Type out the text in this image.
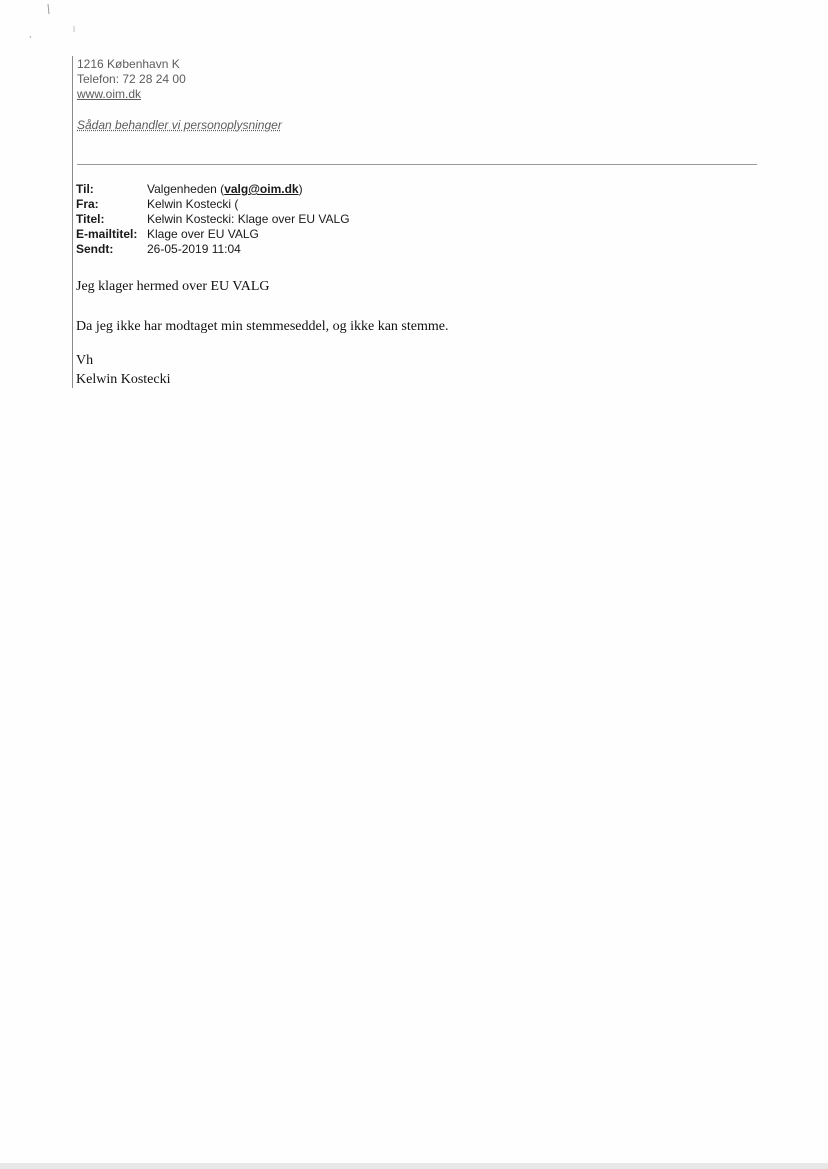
1216 København K
Telefon: 72 28 24 00
www.oim.dk
Sådan behandler vi personoplysninger
Til:	Valgenheden (valg@oim.dk)
Fra:	Kelwin Kostecki (
Titel:	Kelwin Kostecki: Klage over EU VALG
E-mailtitel: Klage over EU VALG
Sendt:	26-05-2019 11:04
Jeg klager hermed over EU VALG
Da jeg ikke har modtaget min stemmeseddel, og ikke kan stemme.
Vh
Kelwin Kostecki
